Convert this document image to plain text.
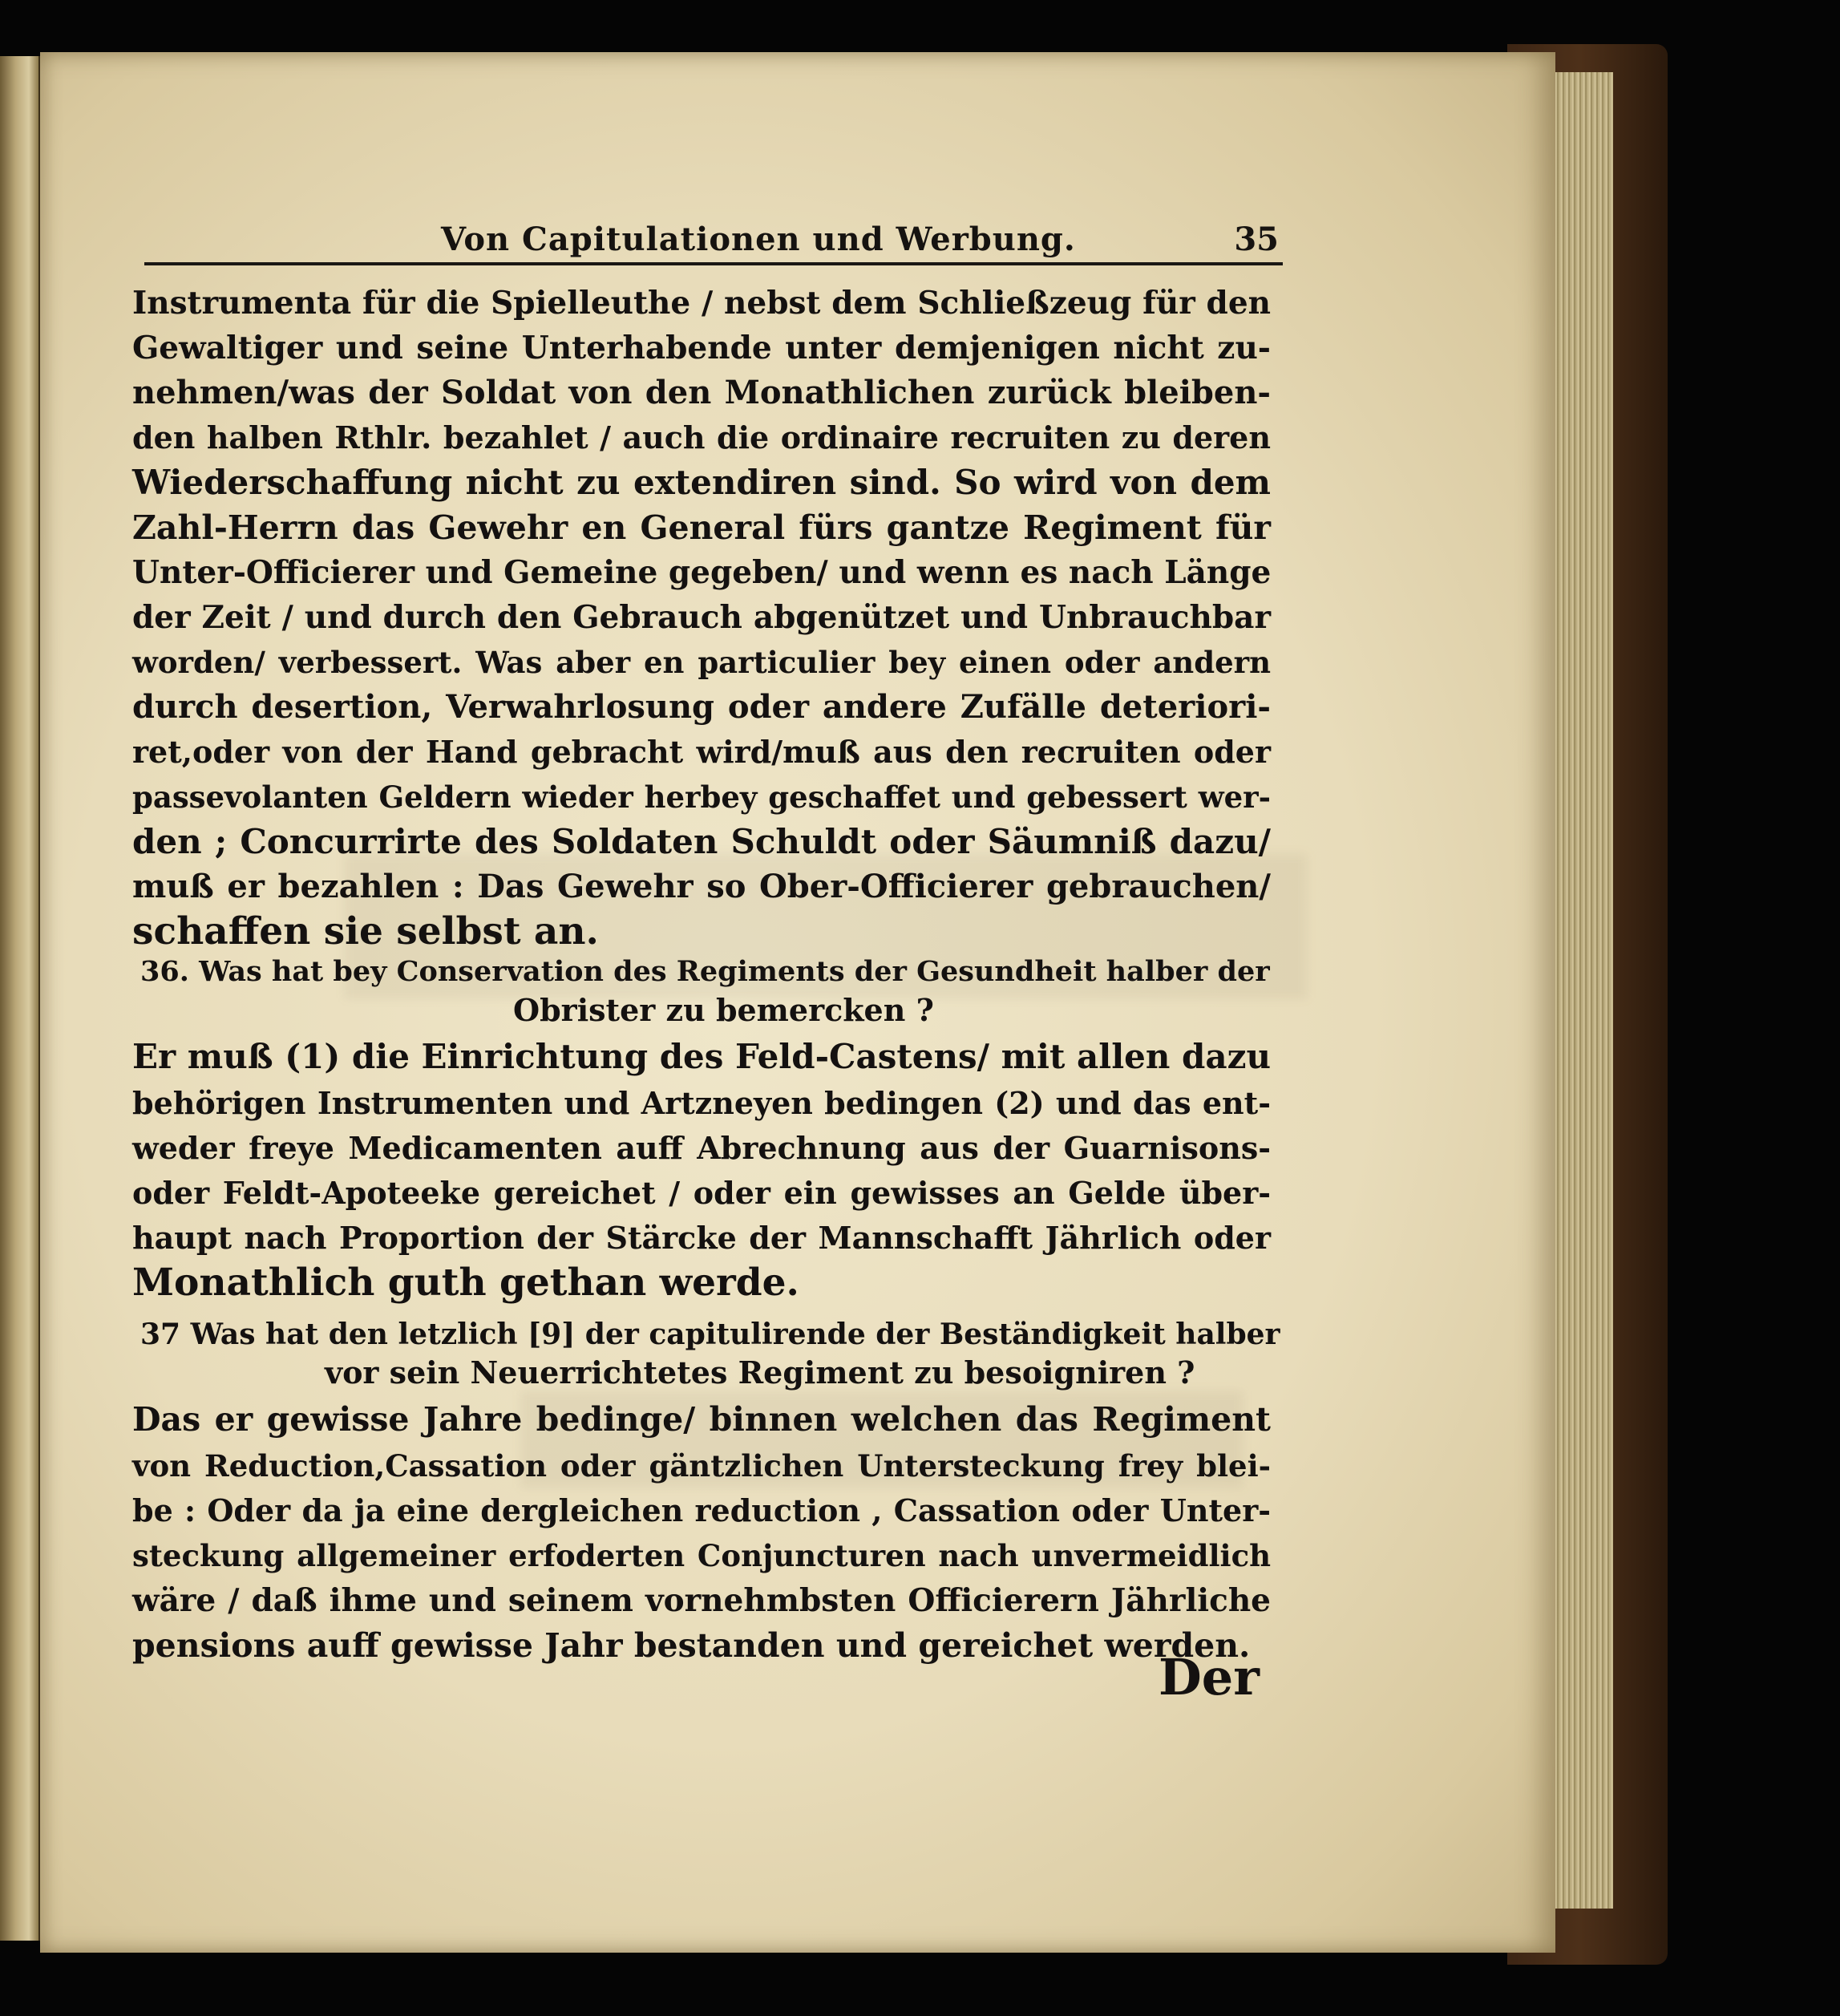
Von Capitulationen und Werbung.	35
Instrumenta für die Spielleuthe / nebst dem Schließzeug für den
Gewaltiger und seine Unterhabende unter demjenigen nicht zu-
nehmen/was der Soldat von den Monathlichen zurück bleiben-
den halben Rthlr. bezahlet / auch die ordinaire recruiten zu deren
Wiederschaffung nicht zu extendiren sind. So wird von dem
Zahl-Herrn das Gewehr en General fürs gantze Regiment für
Unter-Officierer und Gemeine gegeben/ und wenn es nach Länge
der Zeit / und durch den Gebrauch abgenützet und Unbrauchbar
worden/ verbessert. Was aber en particulier bey einen oder andern
durch desertion, Verwahrlosung oder andere Zufälle deteriori-
ret,oder von der Hand gebracht wird/muß aus den recruiten oder
passevolanten Geldern wieder herbey geschaffet und gebessert wer-
den ; Concurrirte des Soldaten Schuldt oder Säumniß dazu/
muß er bezahlen : Das Gewehr so Ober-Officierer gebrauchen/
schaffen sie selbst an.
36. Was hat bey Conservation des Regiments der Gesundheit halber der
Obrister zu bemercken ?
Er muß (1) die Einrichtung des Feld-Castens/ mit allen dazu
behörigen Instrumenten und Artzneyen bedingen (2) und das ent-
weder freye Medicamenten auff Abrechnung aus der Guarnisons-
oder Feldt-Apoteeke gereichet / oder ein gewisses an Gelde über-
haupt nach Proportion der Stärcke der Mannschafft Jährlich oder
Monathlich guth gethan werde.
37 Was hat den letzlich [9] der capitulirende der Beständigkeit halber
vor sein Neuerrichtetes Regiment zu besoigniren ?
Das er gewisse Jahre bedinge/ binnen welchen das Regiment
von Reduction,Cassation oder gäntzlichen Untersteckung frey blei-
be : Oder da ja eine dergleichen reduction , Cassation oder Unter-
steckung allgemeiner erfoderten Conjuncturen nach unvermeidlich
wäre / daß ihme und seinem vornehmbsten Officierern Jährliche
pensions auff gewisse Jahr bestanden und gereichet werden.
Der
